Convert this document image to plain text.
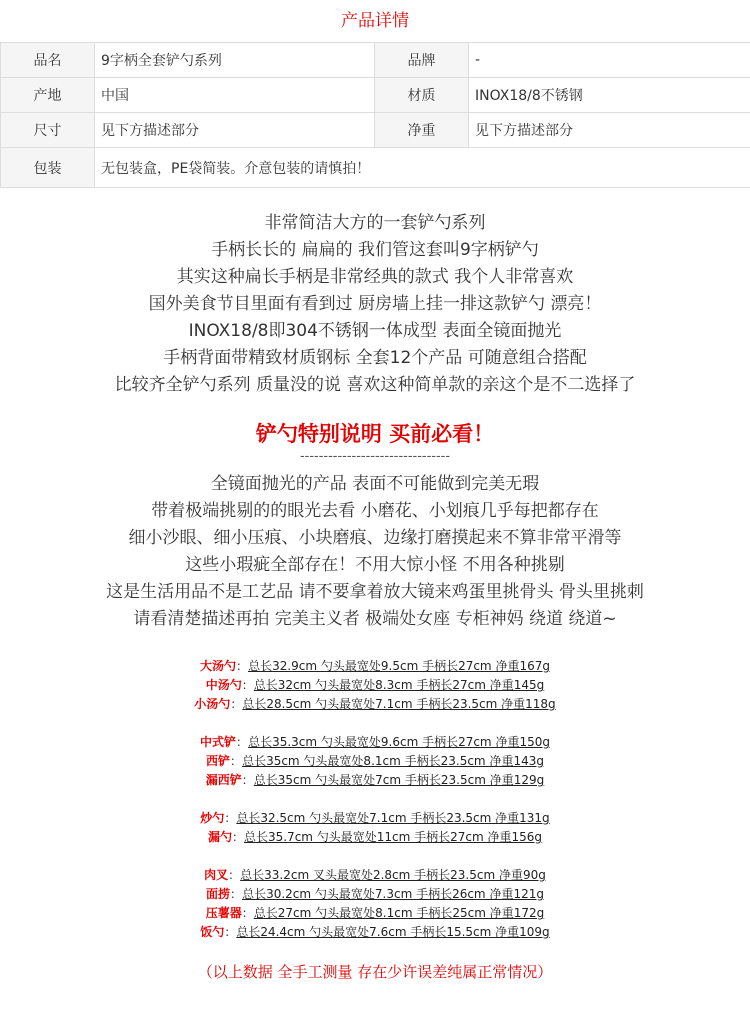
产品详情
品名	9字柄全套铲勺系列	品牌	-
产地	中国	材质	INOX18/8不锈钢
尺寸	见下方描述部分	净重	见下方描述部分
包装	无包装盒，PE袋简装。介意包装的请慎拍！		
非常简洁大方的一套铲勺系列
手柄长长的 扁扁的 我们管这套叫9字柄铲勺
其实这种扁长手柄是非常经典的款式 我个人非常喜欢
国外美食节目里面有看到过 厨房墙上挂一排这款铲勺 漂亮！
INOX18/8即304不锈钢一体成型 表面全镜面抛光
手柄背面带精致材质钢标 全套12个产品 可随意组合搭配
比较齐全铲勺系列 质量没的说 喜欢这种简单款的亲这个是不二选择了
铲勺特别说明 买前必看！
--------------------------------
全镜面抛光的产品 表面不可能做到完美无瑕
带着极端挑剔的的眼光去看 小磨花、小划痕几乎每把都存在
细小沙眼、细小压痕、小块磨痕、边缘打磨摸起来不算非常平滑等
这些小瑕疵全部存在！不用大惊小怪 不用各种挑剔
这是生活用品不是工艺品 请不要拿着放大镜来鸡蛋里挑骨头 骨头里挑刺
请看清楚描述再拍 完美主义者 极端处女座 专柜神妈 绕道 绕道~
大汤勺：总长32.9cm 勺头最宽处9.5cm 手柄长27cm 净重167g
中汤勺：总长32cm 勺头最宽处8.3cm 手柄长27cm 净重145g
小汤勺：总长28.5cm 勺头最宽处7.1cm 手柄长23.5cm 净重118g
中式铲：总长35.3cm 勺头最宽处9.6cm 手柄长27cm 净重150g
西铲：总长35cm 勺头最宽处8.1cm 手柄长23.5cm 净重143g
漏西铲：总长35cm 勺头最宽处7cm 手柄长23.5cm 净重129g
炒勺：总长32.5cm 勺头最宽处7.1cm 手柄长23.5cm 净重131g
漏勺：总长35.7cm 勺头最宽处11cm 手柄长27cm 净重156g
肉叉：总长33.2cm 叉头最宽处2.8cm 手柄长23.5cm 净重90g
面捞：总长30.2cm 勺头最宽处7.3cm 手柄长26cm 净重121g
压薯器：总长27cm 勺头最宽处8.1cm 手柄长25cm 净重172g
饭勺：总长24.4cm 勺头最宽处7.6cm 手柄长15.5cm 净重109g
（以上数据 全手工测量 存在少许误差纯属正常情况）
